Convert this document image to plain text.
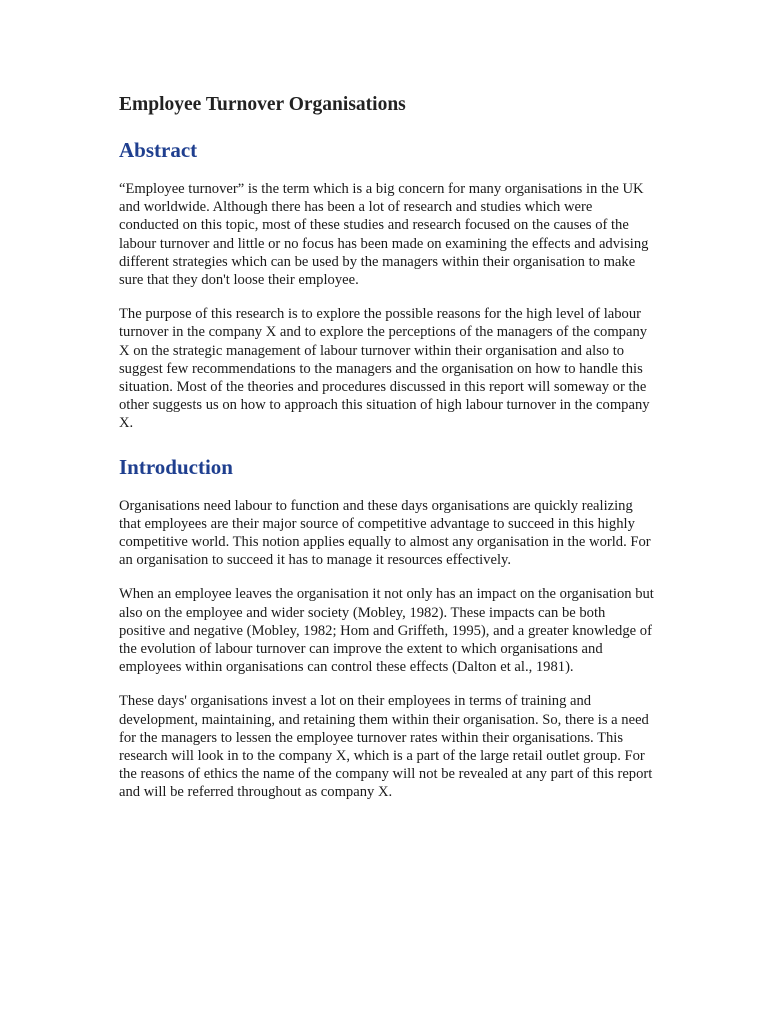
Employee Turnover Organisations
Abstract

“Employee turnover” is the term which is a big concern for many organisations in the UK and worldwide. Although there has been a lot of research and studies which were conducted on this topic, most of these studies and research focused on the causes of the labour turnover and little or no focus has been made on examining the effects and advising different strategies which can be used by the managers within their organisation to make sure that they don't loose their employee.

The purpose of this research is to explore the possible reasons for the high level of labour turnover in the company X and to explore the perceptions of the managers of the company X on the strategic management of labour turnover within their organisation and also to suggest few recommendations to the managers and the organisation on how to handle this situation. Most of the theories and procedures discussed in this report will someway or the other suggests us on how to approach this situation of high labour turnover in the company X.

Introduction

Organisations need labour to function and these days organisations are quickly realizing that employees are their major source of competitive advantage to succeed in this highly competitive world. This notion applies equally to almost any organisation in the world. For an organisation to succeed it has to manage it resources effectively.

When an employee leaves the organisation it not only has an impact on the organisation but also on the employee and wider society (Mobley, 1982). These impacts can be both positive and negative (Mobley, 1982; Hom and Griffeth, 1995), and a greater knowledge of the evolution of labour turnover can improve the extent to which organisations and employees within organisations can control these effects (Dalton et al., 1981).

These days' organisations invest a lot on their employees in terms of training and development, maintaining, and retaining them within their organisation. So, there is a need for the managers to lessen the employee turnover rates within their organisations. This research will look in to the company X, which is a part of the large retail outlet group. For the reasons of ethics the name of the company will not be revealed at any part of this report and will be referred throughout as company X.
